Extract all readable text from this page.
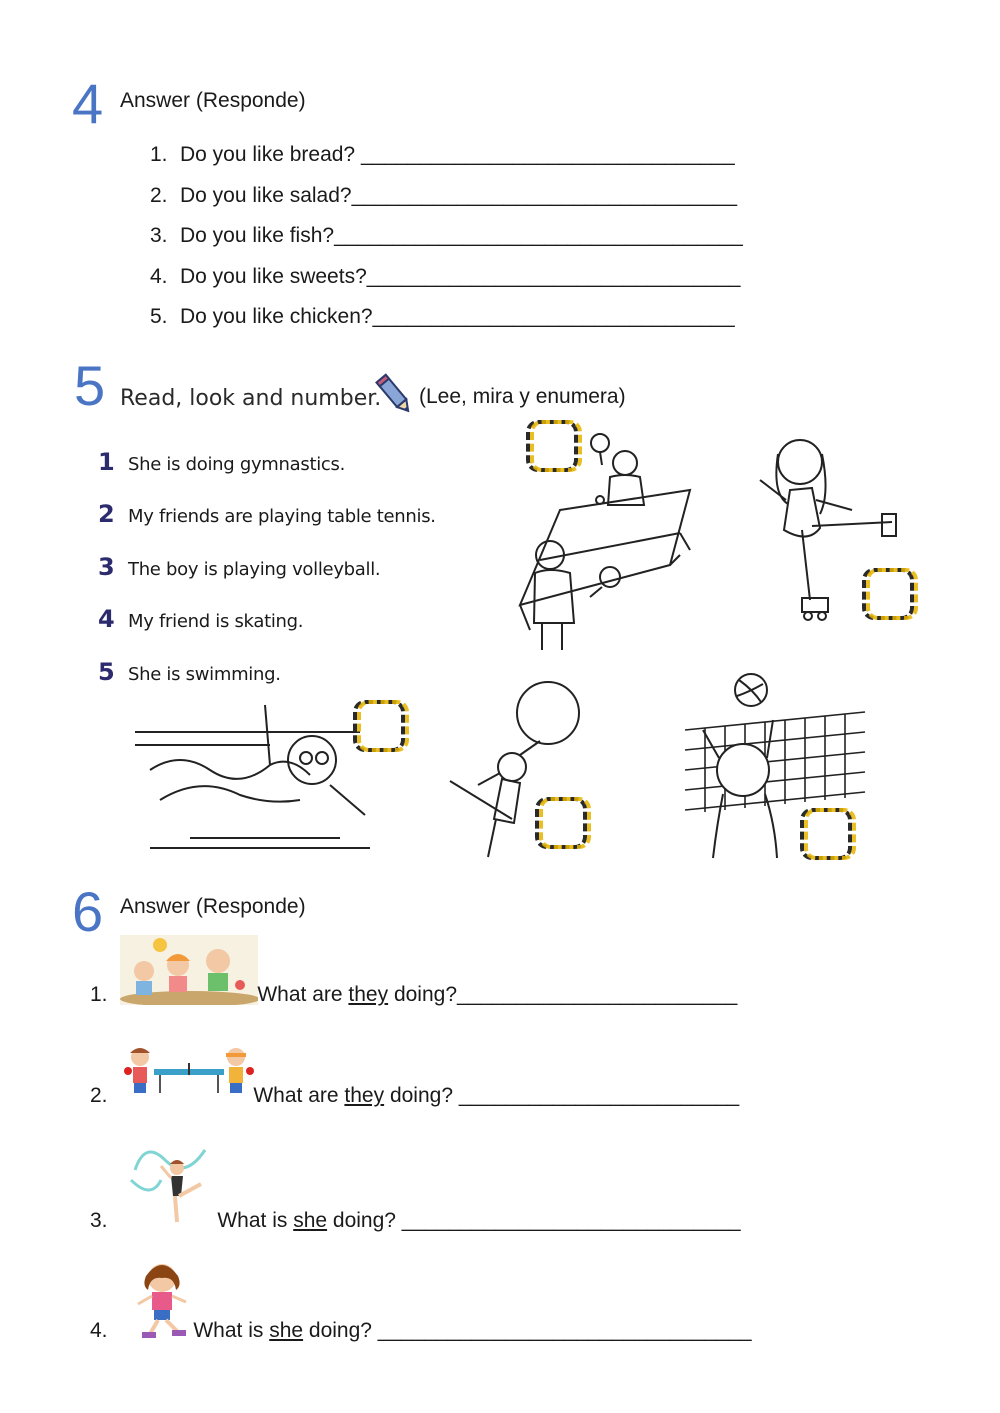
4 Answer (Responde)
1. Do you like bread? ________________________________
2. Do you like salad?_________________________________
3. Do you like fish?___________________________________
4. Do you like sweets?________________________________
5. Do you like chicken?_______________________________
5 Read, look and number. (Lee, mira y enumera)
1 She is doing gymnastics.
2 My friends are playing table tennis.
3 The boy is playing volleyball.
4 My friend is skating.
5 She is swimming.
6 Answer (Responde)
1.	What are they doing?________________________
2.	What are they doing? ________________________
3.	What is she doing? _____________________________
4.	What is she doing? ________________________________
